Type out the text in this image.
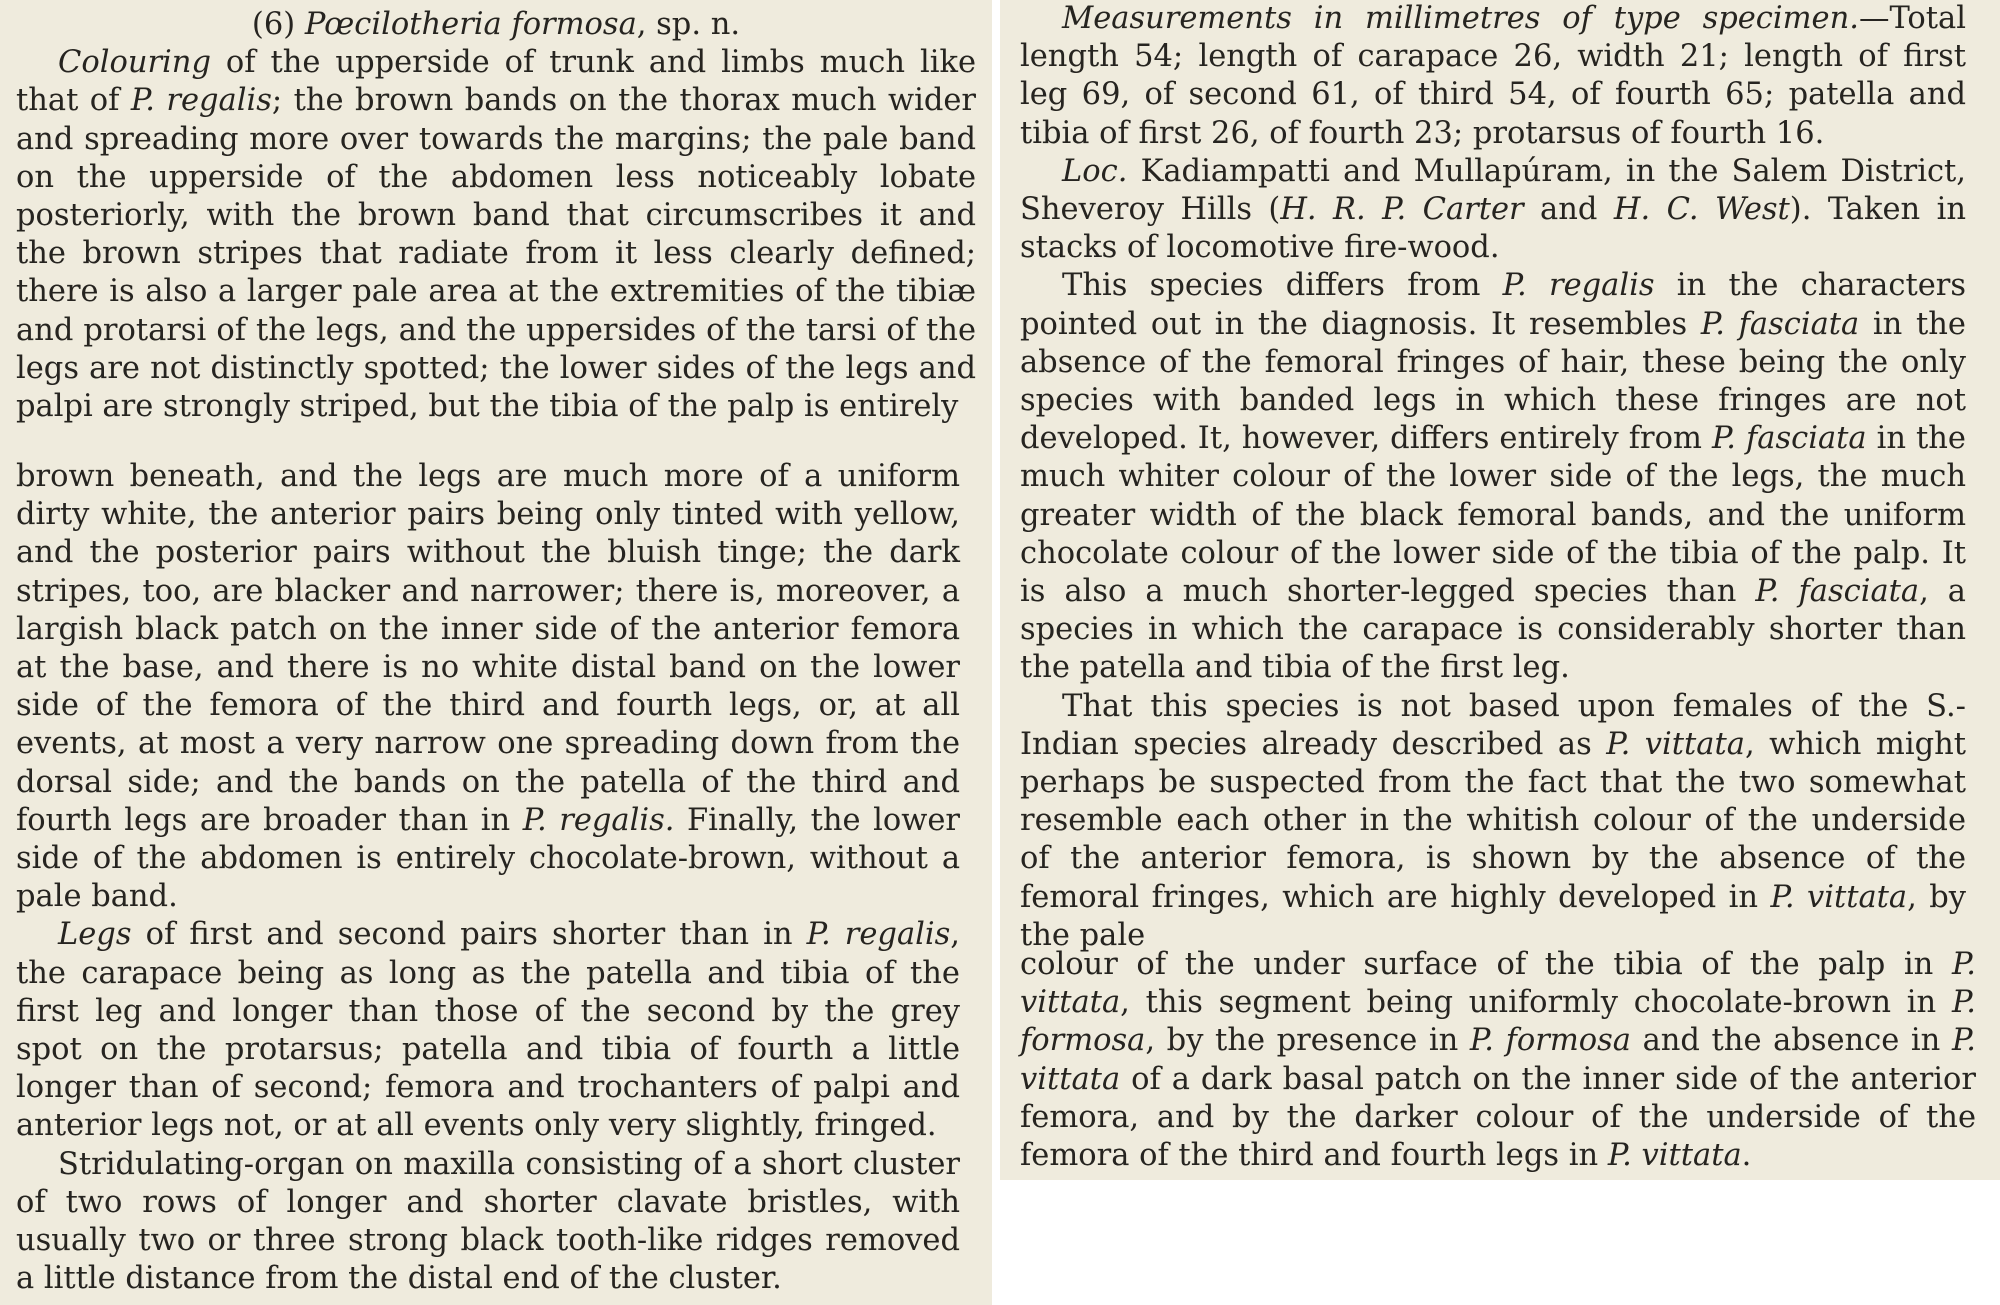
(6) Pœcilotheria formosa, sp. n.

Colouring of the upperside of trunk and limbs much like that of P. regalis; the brown bands on the thorax much wider and spreading more over towards the margins; the pale band on the upperside of the abdomen less noticeably lobate posteriorly, with the brown band that circumscribes it and the brown stripes that radiate from it less clearly defined; there is also a larger pale area at the extremities of the tibiæ and protarsi of the legs, and the uppersides of the tarsi of the legs are not distinctly spotted; the lower sides of the legs and palpi are strongly striped, but the tibia of the palp is entirely

brown beneath, and the legs are much more of a uniform dirty white, the anterior pairs being only tinted with yellow, and the posterior pairs without the bluish tinge; the dark stripes, too, are blacker and narrower; there is, moreover, a largish black patch on the inner side of the anterior femora at the base, and there is no white distal band on the lower side of the femora of the third and fourth legs, or, at all events, at most a very narrow one spreading down from the dorsal side; and the bands on the patella of the third and fourth legs are broader than in P. regalis. Finally, the lower side of the abdomen is entirely chocolate-brown, without a pale band.

Legs of first and second pairs shorter than in P. regalis, the carapace being as long as the patella and tibia of the first leg and longer than those of the second by the grey spot on the protarsus; patella and tibia of fourth a little longer than of second; femora and trochanters of palpi and anterior legs not, or at all events only very slightly, fringed.

Stridulating-organ on maxilla consisting of a short cluster of two rows of longer and shorter clavate bristles, with usually two or three strong black tooth-like ridges removed a little distance from the distal end of the cluster.

Measurements in millimetres of type specimen.—Total length 54; length of carapace 26, width 21; length of first leg 69, of second 61, of third 54, of fourth 65; patella and tibia of first 26, of fourth 23; protarsus of fourth 16.

Loc. Kadiampatti and Mullapúram, in the Salem District, Sheveroy Hills (H. R. P. Carter and H. C. West). Taken in stacks of locomotive fire-wood.

This species differs from P. regalis in the characters pointed out in the diagnosis. It resembles P. fasciata in the absence of the femoral fringes of hair, these being the only species with banded legs in which these fringes are not developed. It, however, differs entirely from P. fasciata in the much whiter colour of the lower side of the legs, the much greater width of the black femoral bands, and the uniform chocolate colour of the lower side of the tibia of the palp. It is also a much shorter-legged species than P. fasciata, a species in which the carapace is considerably shorter than the patella and tibia of the first leg.

That this species is not based upon females of the S.-Indian species already described as P. vittata, which might perhaps be suspected from the fact that the two somewhat resemble each other in the whitish colour of the underside of the anterior femora, is shown by the absence of the femoral fringes, which are highly developed in P. vittata, by the pale

colour of the under surface of the tibia of the palp in P. vittata, this segment being uniformly chocolate-brown in P. formosa, by the presence in P. formosa and the absence in P. vittata of a dark basal patch on the inner side of the anterior femora, and by the darker colour of the underside of the femora of the third and fourth legs in P. vittata.
